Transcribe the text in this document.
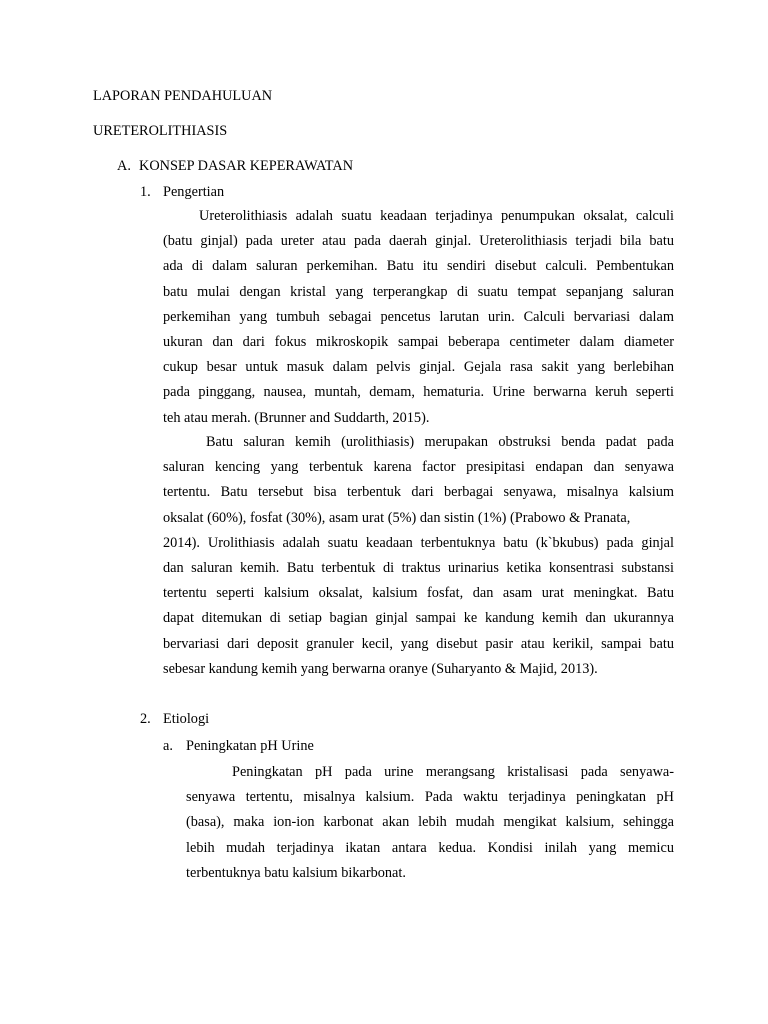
LAPORAN PENDAHULUAN
URETEROLITHIASIS
A. KONSEP DASAR KEPERAWATAN
1. Pengertian
Ureterolithiasis adalah suatu keadaan terjadinya penumpukan oksalat, calculi
(batu ginjal) pada ureter atau pada daerah ginjal. Ureterolithiasis terjadi bila batu
ada di dalam saluran perkemihan. Batu itu sendiri disebut calculi. Pembentukan
batu mulai dengan kristal yang terperangkap di suatu tempat sepanjang saluran
perkemihan yang tumbuh sebagai pencetus larutan urin. Calculi bervariasi dalam
ukuran dan dari fokus mikroskopik sampai beberapa centimeter dalam diameter
cukup besar untuk masuk dalam pelvis ginjal. Gejala rasa sakit yang berlebihan
pada pinggang, nausea, muntah, demam, hematuria. Urine berwarna keruh seperti
teh atau merah. (Brunner and Suddarth, 2015).
Batu saluran kemih (urolithiasis) merupakan obstruksi benda padat pada
saluran kencing yang terbentuk karena factor presipitasi endapan dan senyawa
tertentu. Batu tersebut bisa terbentuk dari berbagai senyawa, misalnya kalsium
oksalat (60%), fosfat (30%), asam urat (5%) dan sistin (1%) (Prabowo & Pranata,
2014). Urolithiasis adalah suatu keadaan terbentuknya batu (k`bkubus) pada ginjal
dan saluran kemih. Batu terbentuk di traktus urinarius ketika konsentrasi substansi
tertentu seperti kalsium oksalat, kalsium fosfat, dan asam urat meningkat. Batu
dapat ditemukan di setiap bagian ginjal sampai ke kandung kemih dan ukurannya
bervariasi dari deposit granuler kecil, yang disebut pasir atau kerikil, sampai batu
sebesar kandung kemih yang berwarna oranye (Suharyanto & Majid, 2013).
2. Etiologi
a. Peningkatan pH Urine
Peningkatan pH pada urine merangsang kristalisasi pada senyawa-
senyawa tertentu, misalnya kalsium. Pada waktu terjadinya peningkatan pH
(basa), maka ion-ion karbonat akan lebih mudah mengikat kalsium, sehingga
lebih mudah terjadinya ikatan antara kedua. Kondisi inilah yang memicu
terbentuknya batu kalsium bikarbonat.
